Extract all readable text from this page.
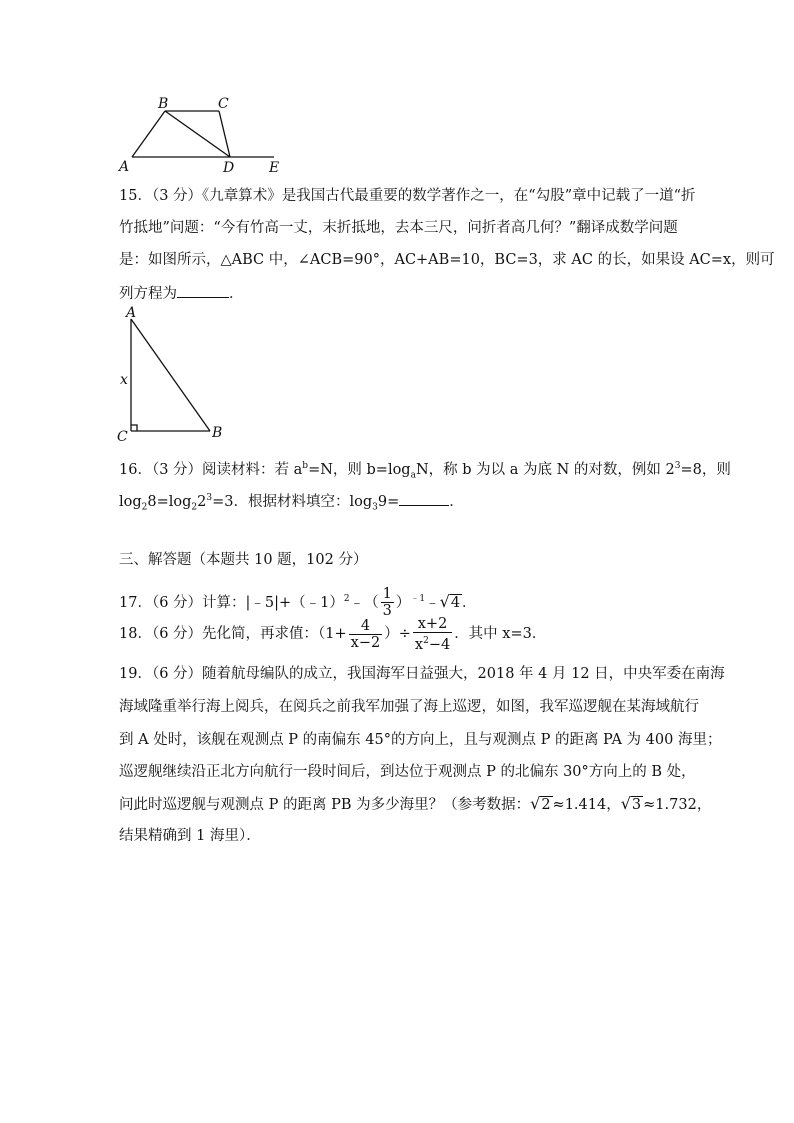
B	C
A	D E
15．（3 分）《九章算术》是我国古代最重要的数学著作之一，在“勾股”章中记载了一道“折
竹抵地”问题：“今有竹高一丈，末折抵地，去本三尺，问折者高几何？”翻译成数学问题
是：如图所示，△ABC 中，∠ACB=90°，AC+AB=10，BC=3，求 AC 的长，如果设 AC=x，则可
列方程为	．
A
x
C	B
16．（3 分）阅读材料：若 $a^b=N$，则 $b=\log_aN$，称 b 为以 a 为底 N 的对数，例如 $2^3=8$，则
$\log_28=\log_22^3=3$．根据材料填空：$\log_39=$	．
三、解答题（本题共 10 题，102 分）
17．（6 分）计算：|﹣5|+（﹣1）$^2$﹣（ $\frac{1}{3}$ ）$^{﹣1}$﹣√4 ．
18．（6 分）先化简，再求值：（$1+ \frac{4}{x-2}$ ）÷ $\frac{x+2}{x^2-4}$ ．其中 x=3．
19．（6 分）随着航母编队的成立，我国海军日益强大，2018 年 4 月 12 日，中央军委在南海
海域隆重举行海上阅兵，在阅兵之前我军加强了海上巡逻，如图，我军巡逻舰在某海域航行
到 A 处时，该舰在观测点 P 的南偏东 45°的方向上，且与观测点 P 的距离 PA 为 400 海里；
巡逻舰继续沿正北方向航行一段时间后，到达位于观测点 P 的北偏东 30°方向上的 B 处，
问此时巡逻舰与观测点 P 的距离 PB 为多少海里？（参考数据：√2 ≈1.414，√3 ≈1.732，
结果精确到 1 海里）．
